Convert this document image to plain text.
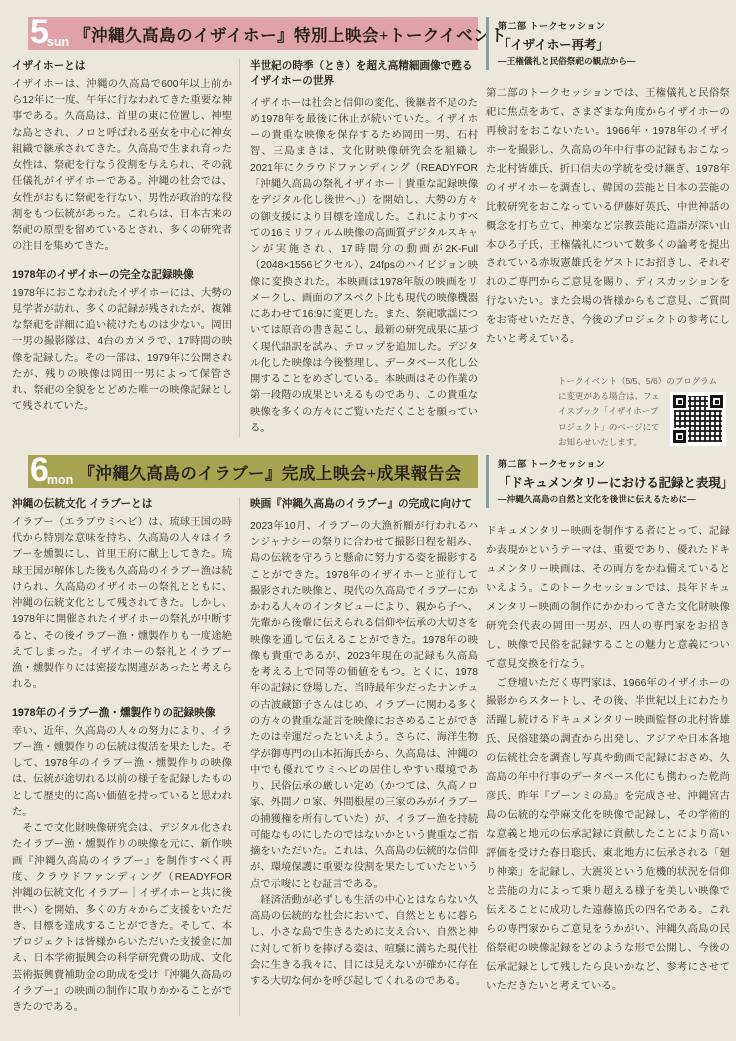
5 sun 『沖縄久高島のイザイホー』特別上映会+トークイベント
イザイホーとは

イザイホーは、沖縄の久高島で600年以上前から12年に一度、午年に行なわれてきた重要な神事である。久高島は、首里の東に位置し、神聖な島とされ、ノロと呼ばれる巫女を中心に神女組織で継承されてきた。久高島で生まれ育った女性は、祭祀を行なう役割を与えられ、その就任儀礼がイザイホーである。沖縄の社会では、女性がおもに祭祀を行ない、男性が政治的な役割をもつ伝統があった。これらは、日本古来の祭祀の原型を留めているとされ、多くの研究者の注目を集めてきた。

1978年のイザイホーの完全な記録映像

1978年におこなわれたイザイホーには、大勢の見学者が訪れ、多くの記録が残されたが、複雑な祭祀を詳細に追い続けたものは少ない。岡田一男の撮影隊は、4台のカメラで、17時間の映像を記録した。その一部は、1979年に公開されたが、残りの映像は岡田一男によって保管され、祭祀の全貌をとどめた唯一の映像記録として残されていた。

半世紀の時季（とき）を超え高精細画像で甦るイザイホーの世界

イザイホーは社会と信仰の変化、後継者不足のため1978年を最後に休止が続いていた。イザイホーの貴重な映像を保存するため岡田一男、石村智、三島まきは、文化財映像研究会を組織し2021年にクラウドファンディング（READYFOR「沖縄久高島の祭礼イザイホー｜貴重な記録映像をデジタル化し後世へ」）を開始し、大勢の方々の御支援により目標を達成した。これによりすべての16ミリフィルム映像の高画質デジタルスキャンが実施され、17時間分の動画が2K-Full（2048×1556ピクセル）、24fpsのハイビジョン映像に変換された。本映画は1978年版の映画をリメークし、画面のアスペクト比も現代の映像機器にあわせて16:9に変更した。また、祭祀歌謡については原音の書き起こし、最新の研究成果に基づく現代語訳を試み、テロップを追加した。デジタル化した映像は今後整理し、データベース化し公開することをめざしている。本映画はその作業の第一段階の成果といえるものであり、この貴重な映像を多くの方々にご覧いただくことを願っている。

第二部 トークセッション
「イザイホー再考」
―王権儀礼と民俗祭祀の観点から―

第二部のトークセッションでは、王権儀礼と民俗祭祀に焦点をあて、さまざまな角度からイザイホーの再検討をおこないたい。1966年・1978年のイザイホーを撮影し、久高島の年中行事の記録もおこなった北村皆雄氏、折口信夫の学統を受け継ぎ、1978年のイザイホーを調査し、韓国の芸能と日本の芸能の比較研究をおこなっている伊藤好英氏、中世神話の概念を打ち立て、神楽など宗教芸能に造詣が深い山本ひろ子氏、王権儀礼について数多くの論考を提出されている赤坂憲雄氏をゲストにお招きし、それぞれのご専門からご意見を賜り、ディスカッションを行ないたい。また会場の皆様からもご意見、ご質問をお寄せいただき、今後のプロジェクトの参考にしたいと考えている。

トークイベント（5/5、5/6）のプログラム
に変更がある場合は、フェイスブック「イザイホープロジェクト」のページにてお知らせいたします。
6 mon 『沖縄久高島のイラブー』完成上映会+成果報告会
沖縄の伝統文化 イラブーとは

イラブー（エラブウミヘビ）は、琉球王国の時代から特別な意味を持ち、久高島の人々はイラブーを燻製にし、首里王府に献上してきた。琉球王国が解体した後も久高島のイラブー漁は続けられ、久高島のイザイホーの祭礼とともに、沖縄の伝統文化として残されてきた。しかし、1978年に開催されたイザイホーの祭礼が中断すると、その後イラブー漁・燻製作りも一度途絶えてしまった。イザイホーの祭礼とイラブー漁・燻製作りには密接な関連があったと考えられる。

1978年のイラブー漁・燻製作りの記録映像

幸い、近年、久高島の人々の努力により、イラブー漁・燻製作りの伝統は復活を果たした。そして、1978年のイラブー漁・燻製作りの映像は、伝統が途切れる以前の様子を記録したものとして歴史的に高い価値を持っていると思われた。

　そこで文化財映像研究会は、デジタル化されたイラブー漁・燻製作りの映像を元に、新作映画『沖縄久高島のイラブー』を制作すべく再度、クラウドファンディング（READYFOR　沖縄の伝統文化 イラブー｜イザイホーと共に後世へ）を開始、多くの方々からご支援をいただき、目標を達成することができた。そして、本プロジェクトは皆様からいただいた支援金に加え、日本学術振興会の科学研究費の助成、文化芸術振興費補助金の助成を受け『沖縄久高島のイラブー』の映画の制作に取りかかることができたのである。

映画『沖縄久高島のイラブー』の完成に向けて

2023年10月、イラブーの大漁祈願が行われるハンジャナシーの祭りに合わせて撮影日程を組み、島の伝統を守ろうと懸命に努力する姿を撮影することができた。1978年のイザイホーと並行して撮影された映像と、現代の久高島でイラブーにかかわる人々のインタビューにより、親から子へ、先輩から後輩に伝えられる信仰や伝承の大切さを映像を通して伝えることができた。1978年の映像も貴重であるが、2023年現在の記録も久高島を考える上で同等の価値をもつ。とくに、1978年の記録に登場した、当時最年少だったナンチュの古波蔵節子さんはじめ、イラブーに関わる多くの方々の貴重な証言を映像におさめることができたのは幸運だったといえよう。さらに、海洋生物学が御専門の山本拓海氏から、久高島は、沖縄の中でも優れてウミヘビの居住しやすい環境であり、民俗伝承の厳しい定め（かつては、久高ノロ家、外間ノロ家、外間根屋の三家のみがイラブーの捕獲権を所有していた）が、イラブー漁を持続可能なものにしたのではないかという貴重なご指摘をいただいた。これは、久高島の伝統的な信仰が、環境保護に重要な役割を果たしていたという点で示唆にとむ証言である。

　経済活動が必ずしも生活の中心とはならない久高島の伝統的な社会において、自然とともに暮らし、小さな島で生きるために支え合い、自然と神に対して祈りを捧げる姿は、喧騒に満ちた現代社会に生きる我々に、目には見えないが確かに存在する大切な何かを呼び起してくれるのである。

第二部 トークセッション
「ドキュメンタリーにおける記録と表現」
―沖縄久高島の自然と文化を後世に伝えるために―

ドキュメンタリー映画を制作する者にとって、記録か表現かというテーマは、重要であり、優れたドキュメンタリー映画は、その両方をかね備えているといえよう。このトークセッションでは、長年ドキュメンタリー映画の制作にかかわってきた文化財映像研究会代表の岡田一男が、四人の専門家をお招きし、映像で民俗を記録することの魅力と意義について意見交換を行なう。

　ご登壇いただく専門家は、1966年のイザイホーの撮影からスタートし、その後、半世紀以上にわたり活躍し続けるドキュメンタリー映画監督の北村皆雄氏、民俗建築の調査から出発し、アジアや日本各地の伝統社会を調査し写真や動画で記録におさめ、久高島の年中行事のデータベース化にも携わった乾尚彦氏、昨年『プーンミの島』を完成させ、沖縄宮古島の伝統的な苧麻文化を映像で記録し、その学術的な意義と地元の伝承記録に貢献したことにより高い評価を受けた春日聡氏、東北地方に伝承される「廻り神楽」を記録し、大震災という危機的状況を信仰と芸能の力によって乗り超える様子を美しい映像で伝えることに成功した遠藤協氏の四名である。これらの専門家からご意見をうかがい、沖縄久高島の民俗祭祀の映像記録をどのような形で公開し、今後の伝承記録として残したら良いかなど、参考にさせていただきたいと考えている。
